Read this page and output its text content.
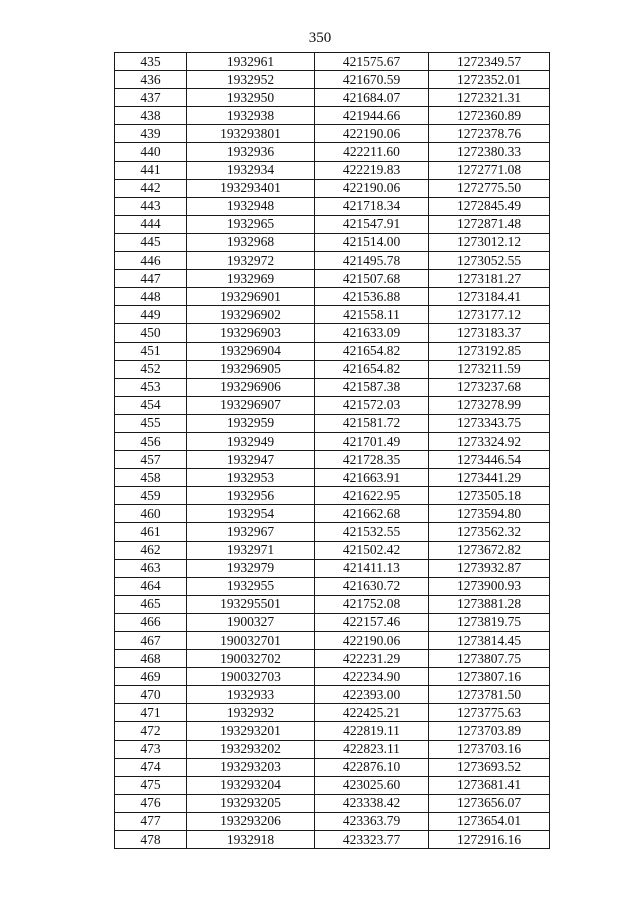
350
435	1932961	421575.67	1272349.57
436	1932952	421670.59	1272352.01
437	1932950	421684.07	1272321.31
438	1932938	421944.66	1272360.89
439	193293801	422190.06	1272378.76
440	1932936	422211.60	1272380.33
441	1932934	422219.83	1272771.08
442	193293401	422190.06	1272775.50
443	1932948	421718.34	1272845.49
444	1932965	421547.91	1272871.48
445	1932968	421514.00	1273012.12
446	1932972	421495.78	1273052.55
447	1932969	421507.68	1273181.27
448	193296901	421536.88	1273184.41
449	193296902	421558.11	1273177.12
450	193296903	421633.09	1273183.37
451	193296904	421654.82	1273192.85
452	193296905	421654.82	1273211.59
453	193296906	421587.38	1273237.68
454	193296907	421572.03	1273278.99
455	1932959	421581.72	1273343.75
456	1932949	421701.49	1273324.92
457	1932947	421728.35	1273446.54
458	1932953	421663.91	1273441.29
459	1932956	421622.95	1273505.18
460	1932954	421662.68	1273594.80
461	1932967	421532.55	1273562.32
462	1932971	421502.42	1273672.82
463	1932979	421411.13	1273932.87
464	1932955	421630.72	1273900.93
465	193295501	421752.08	1273881.28
466	1900327	422157.46	1273819.75
467	190032701	422190.06	1273814.45
468	190032702	422231.29	1273807.75
469	190032703	422234.90	1273807.16
470	1932933	422393.00	1273781.50
471	1932932	422425.21	1273775.63
472	193293201	422819.11	1273703.89
473	193293202	422823.11	1273703.16
474	193293203	422876.10	1273693.52
475	193293204	423025.60	1273681.41
476	193293205	423338.42	1273656.07
477	193293206	423363.79	1273654.01
478	1932918	423323.77	1272916.16
